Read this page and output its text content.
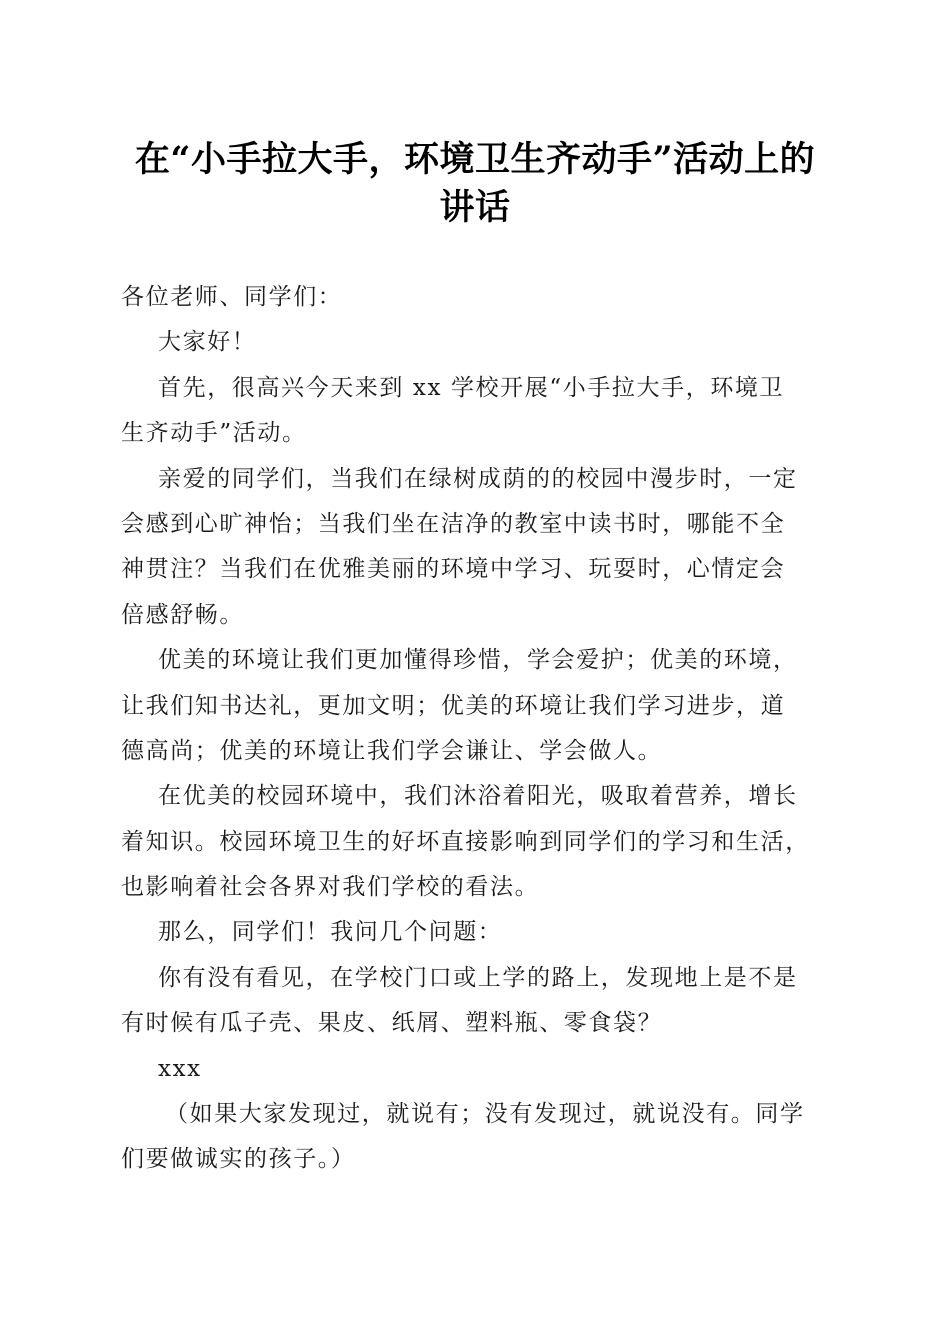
在“小手拉大手，环境卫生齐动手”活动上的
讲话
各位老师、同学们：
大家好！
首先，很高兴今天来到 xx 学校开展“小手拉大手，环境卫
生齐动手”活动。
亲爱的同学们，当我们在绿树成荫的的校园中漫步时，一定
会感到心旷神怡；当我们坐在洁净的教室中读书时，哪能不全
神贯注？当我们在优雅美丽的环境中学习、玩耍时，心情定会
倍感舒畅。
优美的环境让我们更加懂得珍惜，学会爱护；优美的环境，
让我们知书达礼，更加文明；优美的环境让我们学习进步，道
德高尚；优美的环境让我们学会谦让、学会做人。
在优美的校园环境中，我们沐浴着阳光，吸取着营养，增长
着知识。校园环境卫生的好坏直接影响到同学们的学习和生活，
也影响着社会各界对我们学校的看法。
那么，同学们！我问几个问题：
你有没有看见，在学校门口或上学的路上，发现地上是不是
有时候有瓜子壳、果皮、纸屑、塑料瓶、零食袋？
xxx
（如果大家发现过，就说有；没有发现过，就说没有。同学
们要做诚实的孩子。）
